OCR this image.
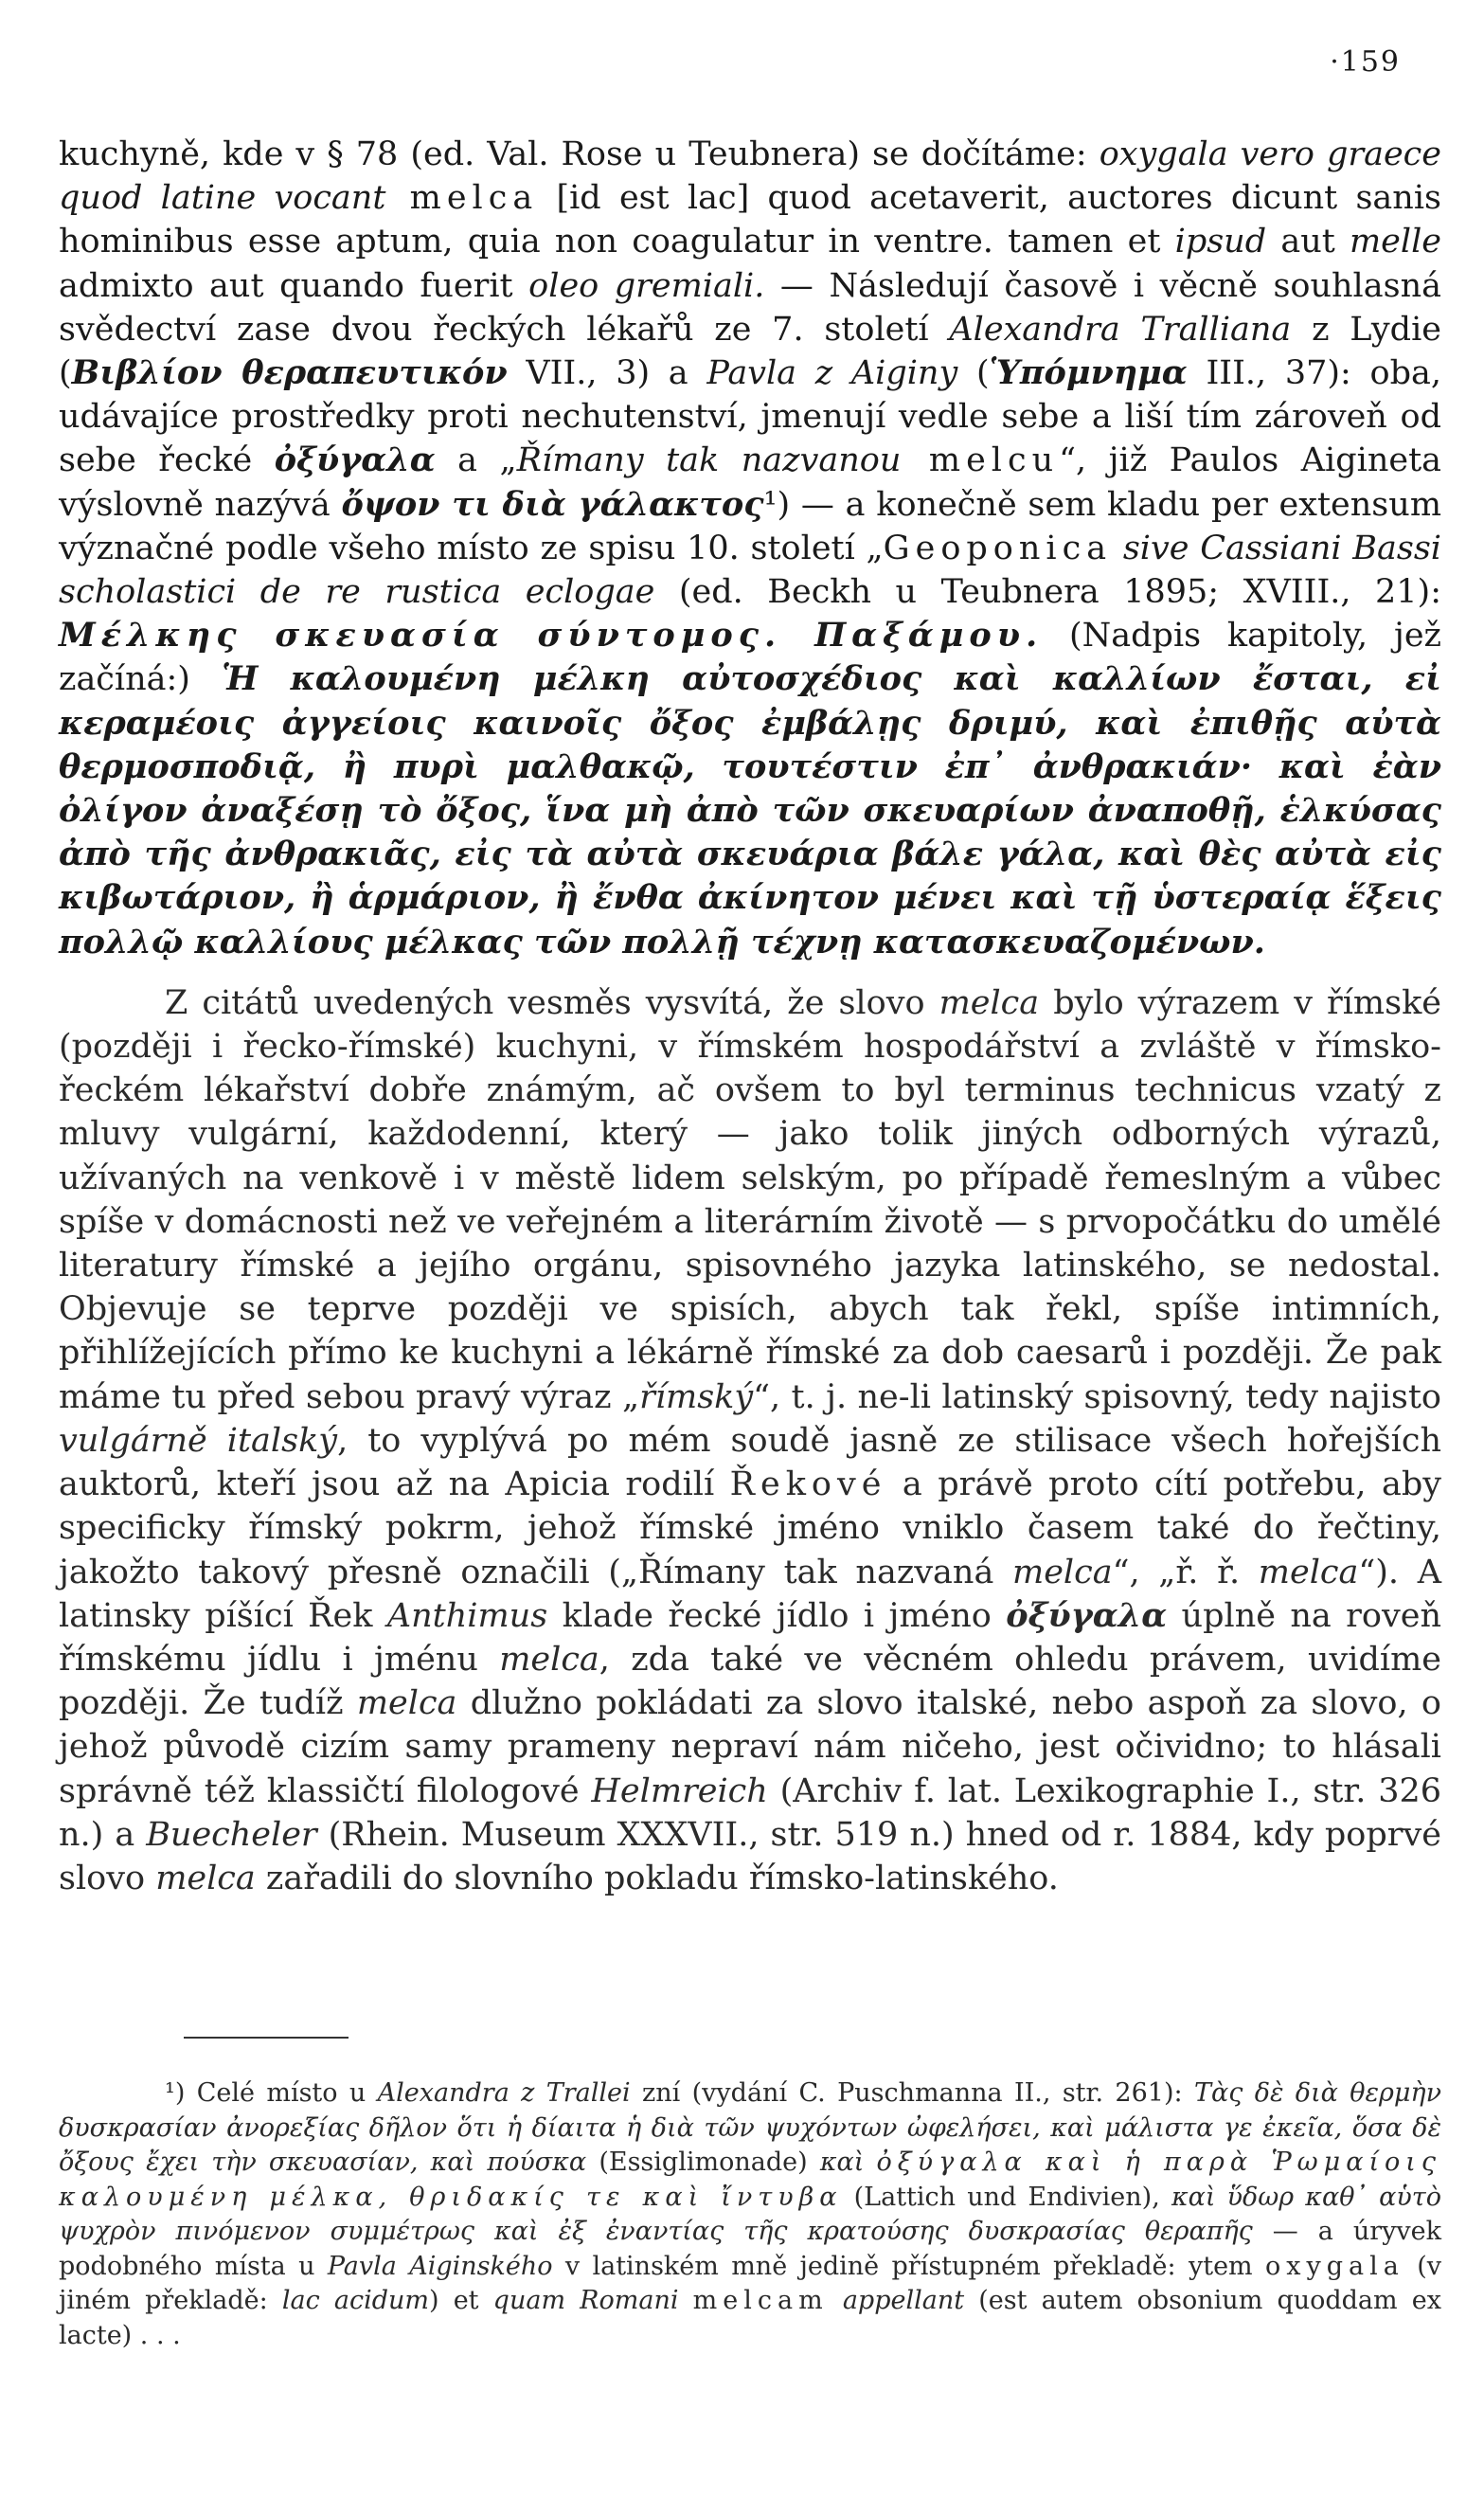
·159

kuchyně, kde v § 78 (ed. Val. Rose u Teubnera) se dočítáme: oxygala vero graece quod latine vocant melca [id est lac] quod acetaverit, auctores dicunt sanis hominibus esse aptum, quia non coagulatur in ventre. tamen et ipsud aut melle admixto aut quando fuerit oleo gremiali. — Následují časově i věcně souhlasná svědectví zase dvou řeckých lékařů ze 7. století Alexandra Tralliana z Lydie (Βιβλίον θεραπευτικόν VII., 3) a Pavla z Aiginy (Ὑπόμνημα III., 37): oba, udávajíce prostředky proti nechutenství, jmenují vedle sebe a liší tím zároveň od sebe řecké ὀξύγαλα a „Římany tak nazvanou melcu“, již Paulos Aigineta výslovně nazývá ὄψον τι διὰ γάλακτος¹) — a konečně sem kladu per extensum význačné podle všeho místo ze spisu 10. století „Geoponica sive Cassiani Bassi scholastici de re rustica eclogae (ed. Beckh u Teubnera 1895; XVIII., 21): Μέλκης σκευασία σύντομος. Παξάμου. (Nadpis kapitoly, jež začíná:) Ἡ καλουμένη μέλκη αὐτοσχέδιος καὶ καλλίων ἔσται, εἰ κεραμέοις ἀγγείοις καινοῖς ὄξος ἐμβάλῃς δριμύ, καὶ ἐπιθῇς αὐτὰ θερμοσποδιᾷ, ἢ πυρὶ μαλθακῷ, τουτέστιν ἐπ᾽ ἀνθρακιάν· καὶ ἐὰν ὀλίγον ἀναξέσῃ τὸ ὄξος, ἵνα μὴ ἀπὸ τῶν σκευαρίων ἀναποθῇ, ἑλκύσας ἀπὸ τῆς ἀνθρακιᾶς, εἰς τὰ αὐτὰ σκευάρια βάλε γάλα, καὶ θὲς αὐτὰ εἰς κιβωτάριον, ἢ ἁρμάριον, ἢ ἔνθα ἀκίνητον μένει καὶ τῇ ὑστεραίᾳ ἕξεις πολλῷ καλλίους μέλκας τῶν πολλῇ τέχνῃ κατασκευαζομένων.

Z citátů uvedených vesměs vysvítá, že slovo melca bylo výrazem v římské (později i řecko-římské) kuchyni, v římském hospodářství a zvláště v římsko-řeckém lékařství dobře známým, ač ovšem to byl terminus technicus vzatý z mluvy vulgární, každodenní, který — jako tolik jiných odborných výrazů, užívaných na venkově i v městě lidem selským, po případě řemeslným a vůbec spíše v domácnosti než ve veřejném a literárním životě — s prvopočátku do umělé literatury římské a jejího orgánu, spisovného jazyka latinského, se nedostal. Objevuje se teprve později ve spisích, abych tak řekl, spíše intimních, přihlížejících přímo ke kuchyni a lékárně římské za dob caesarů i později. Že pak máme tu před sebou pravý výraz „římský“, t. j. ne-li latinský spisovný, tedy najisto vulgárně italský, to vyplývá po mém soudě jasně ze stilisace všech hořejších auktorů, kteří jsou až na Apicia rodilí Řekové a právě proto cítí potřebu, aby specificky římský pokrm, jehož římské jméno vniklo časem také do řečtiny, jakožto takový přesně označili („Římany tak nazvaná melca“, „ř. ř. melca“). A latinsky píšící Řek Anthimus klade řecké jídlo i jméno ὀξύγαλα úplně na roveň římskému jídlu i jménu melca, zda také ve věcném ohledu právem, uvidíme později. Že tudíž melca dlužno pokládati za slovo italské, nebo aspoň za slovo, o jehož původě cizím samy prameny nepraví nám ničeho, jest očividno; to hlásali správně též klassičtí filologové Helmreich (Archiv f. lat. Lexikographie I., str. 326 n.) a Buecheler (Rhein. Museum XXXVII., str. 519 n.) hned od r. 1884, kdy poprvé slovo melca zařadili do slovního pokladu římsko-latinského.

¹) Celé místo u Alexandra z Trallei zní (vydání C. Puschmanna II., str. 261): Τὰς δὲ διὰ θερμὴν δυσκρασίαν ἀνορεξίας δῆλον ὅτι ἡ δίαιτα ἡ διὰ τῶν ψυχόντων ὠφελήσει, καὶ μάλιστα γε ἐκεῖα, ὅσα δὲ ὄξους ἔχει τὴν σκευασίαν, καὶ πούσκα (Essiglimonade) καὶ ὀξύγαλα καὶ ἡ παρὰ Ῥωμαίοις καλουμένη μέλκα, θριδακίς τε καὶ ἴντυβα (Lattich und Endivien), καὶ ὕδωρ καθ᾽ αὑτὸ ψυχρὸν πινόμενον συμμέτρως καὶ ἐξ ἐναντίας τῆς κρατούσης δυσκρασίας θεραπῆς — a úryvek podobného místa u Pavla Aiginského v latinském mně jedině přístupném překladě: ytem oxygala (v jiném překladě: lac acidum) et quam Romani melcam appellant (est autem obsonium quoddam ex lacte) . . .
